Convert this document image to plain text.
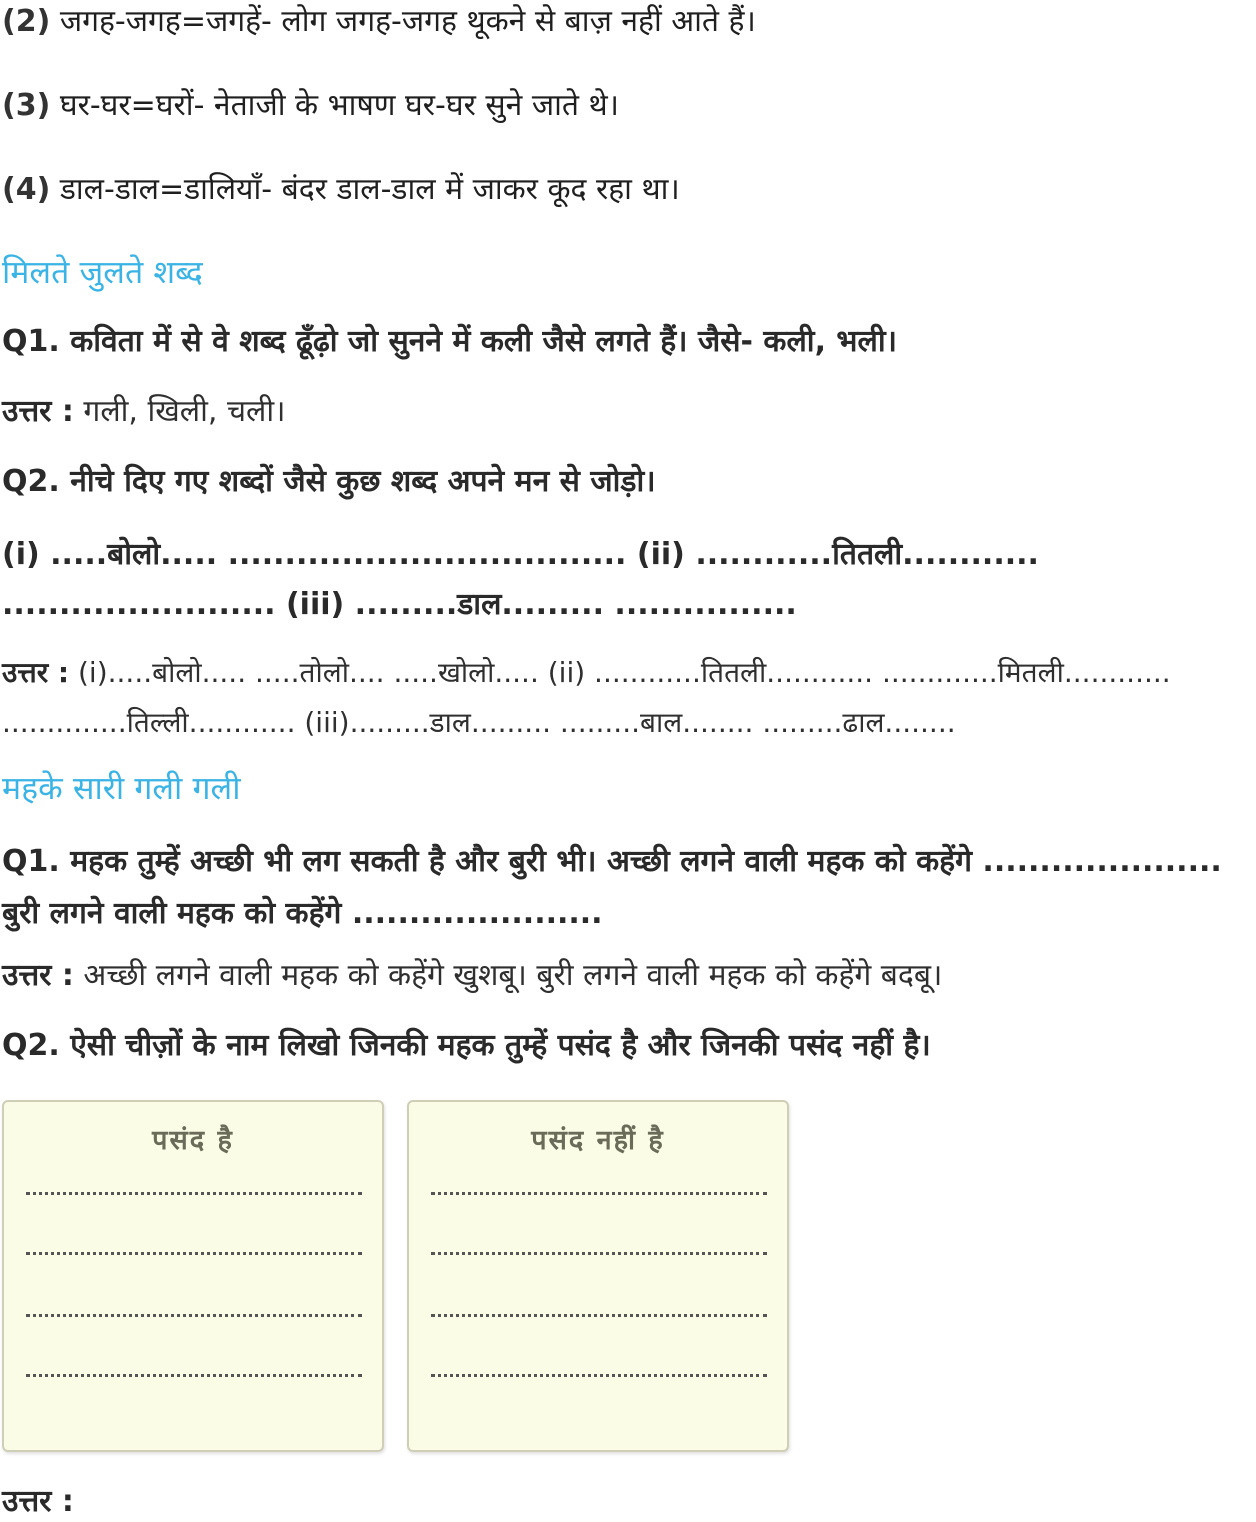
(2) जगह-जगह=जगहें- लोग जगह-जगह थूकने से बाज़ नहीं आते हैं।
(3) घर-घर=घरों- नेताजी के भाषण घर-घर सुने जाते थे।
(4) डाल-डाल=डालियाँ- बंदर डाल-डाल में जाकर कूद रहा था।
मिलते जुलते शब्द
Q1. कविता में से वे शब्द ढूँढ़ो जो सुनने में कली जैसे लगते हैं। जैसे- कली, भली।
उत्तर : गली, खिली, चली।
Q2. नीचे दिए गए शब्दों जैसे कुछ शब्द अपने मन से जोड़ो।
(i) .....बोलो..... ................................... (ii) ............तितली............ ........................ (iii) .........डाल......... ................
उत्तर : (i).....बोलो..... .....तोलो.... .....खोलो..... (ii) ............तितली............ .............मितली............ ..............तिल्ली............ (iii).........डाल......... .........बाल........ .........ढाल........
महके सारी गली गली
Q1. महक तुम्हें अच्छी भी लग सकती है और बुरी भी। अच्छी लगने वाली महक को कहेंगे ..................... बुरी लगने वाली महक को कहेंगे ......................
उत्तर : अच्छी लगने वाली महक को कहेंगे खुशबू। बुरी लगने वाली महक को कहेंगे बदबू।
Q2. ऐसी चीज़ों के नाम लिखो जिनकी महक तुम्हें पसंद है और जिनकी पसंद नहीं है।
पसंद है	पसंद नहीं है
उत्तर :
